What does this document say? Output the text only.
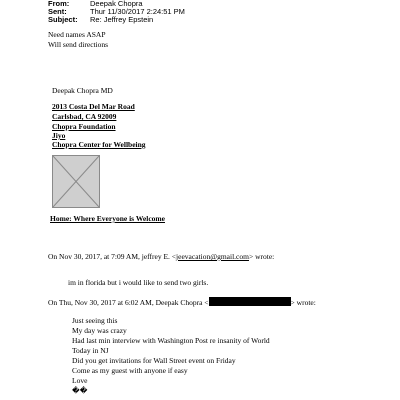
From:	Deepak Chopra
Sent:	Thur 11/30/2017 2:24:51 PM
Subject: Re: Jeffrey Epstein
Need names ASAP
Will send directions
Deepak Chopra MD
2013 Costa Del Mar Road
Carlsbad, CA 92009
Chopra Foundation
Jiyo
Chopra Center for Wellbeing
Home: Where Everyone is Welcome
On Nov 30, 2017, at 7:09 AM, jeffrey E. <jeevacation@gmail.com> wrote:
im in florida but i would like to send two girls.
On Thu, Nov 30, 2017 at 6:02 AM, Deepak Chopra <	> wrote:
Just seeing this
My day was crazy
Had last min interview with Washington Post re insanity of World
Today in NJ
Did you get invitations for Wall Street event on Friday
Come as my guest with anyone if easy
Love
��
